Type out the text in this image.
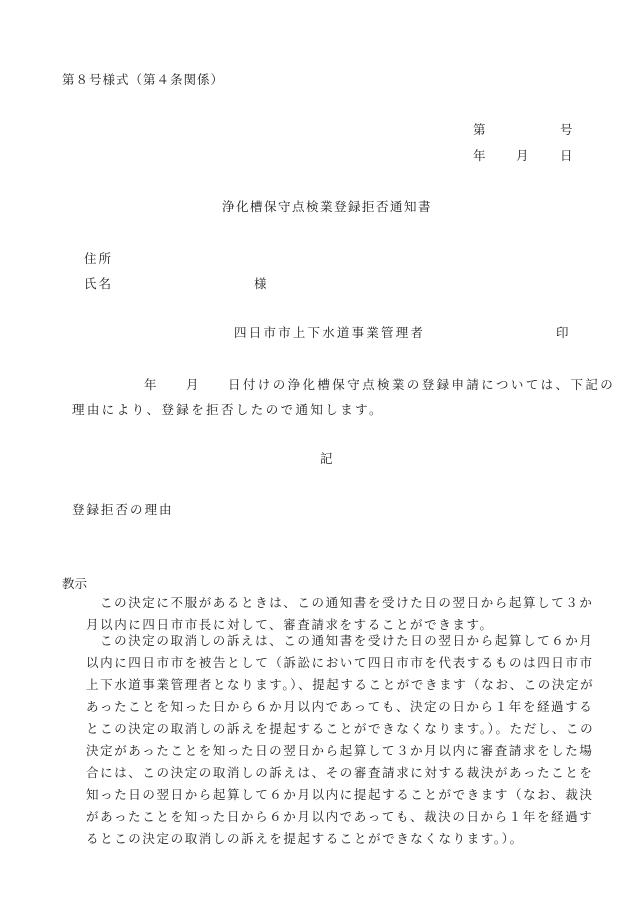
第８号様式（第４条関係）
第	号
年 月	日
浄化槽保守点検業登録拒否通知書
住所
氏名	様
四日市市上下水道事業管理者	印
年 月 日付けの浄化槽保守点検業の登録申請については、下記の
理由により、登録を拒否したので通知します。
記
登録拒否の理由
教示
この決定に不服があるときは、この通知書を受けた日の翌日から起算して３か
月以内に四日市市長に対して、審査請求をすることができます。
この決定の取消しの訴えは、この通知書を受けた日の翌日から起算して６か月
以内に四日市市を被告として（訴訟において四日市市を代表するものは四日市市
上下水道事業管理者となります。）、提起することができます（なお、この決定が
あったことを知った日から６か月以内であっても、決定の日から１年を経過する
とこの決定の取消しの訴えを提起することができなくなります。）。ただし、この
決定があったことを知った日の翌日から起算して３か月以内に審査請求をした場
合には、この決定の取消しの訴えは、その審査請求に対する裁決があったことを
知った日の翌日から起算して６か月以内に提起することができます（なお、裁決
があったことを知った日から６か月以内であっても、裁決の日から１年を経過す
るとこの決定の取消しの訴えを提起することができなくなります。）。
